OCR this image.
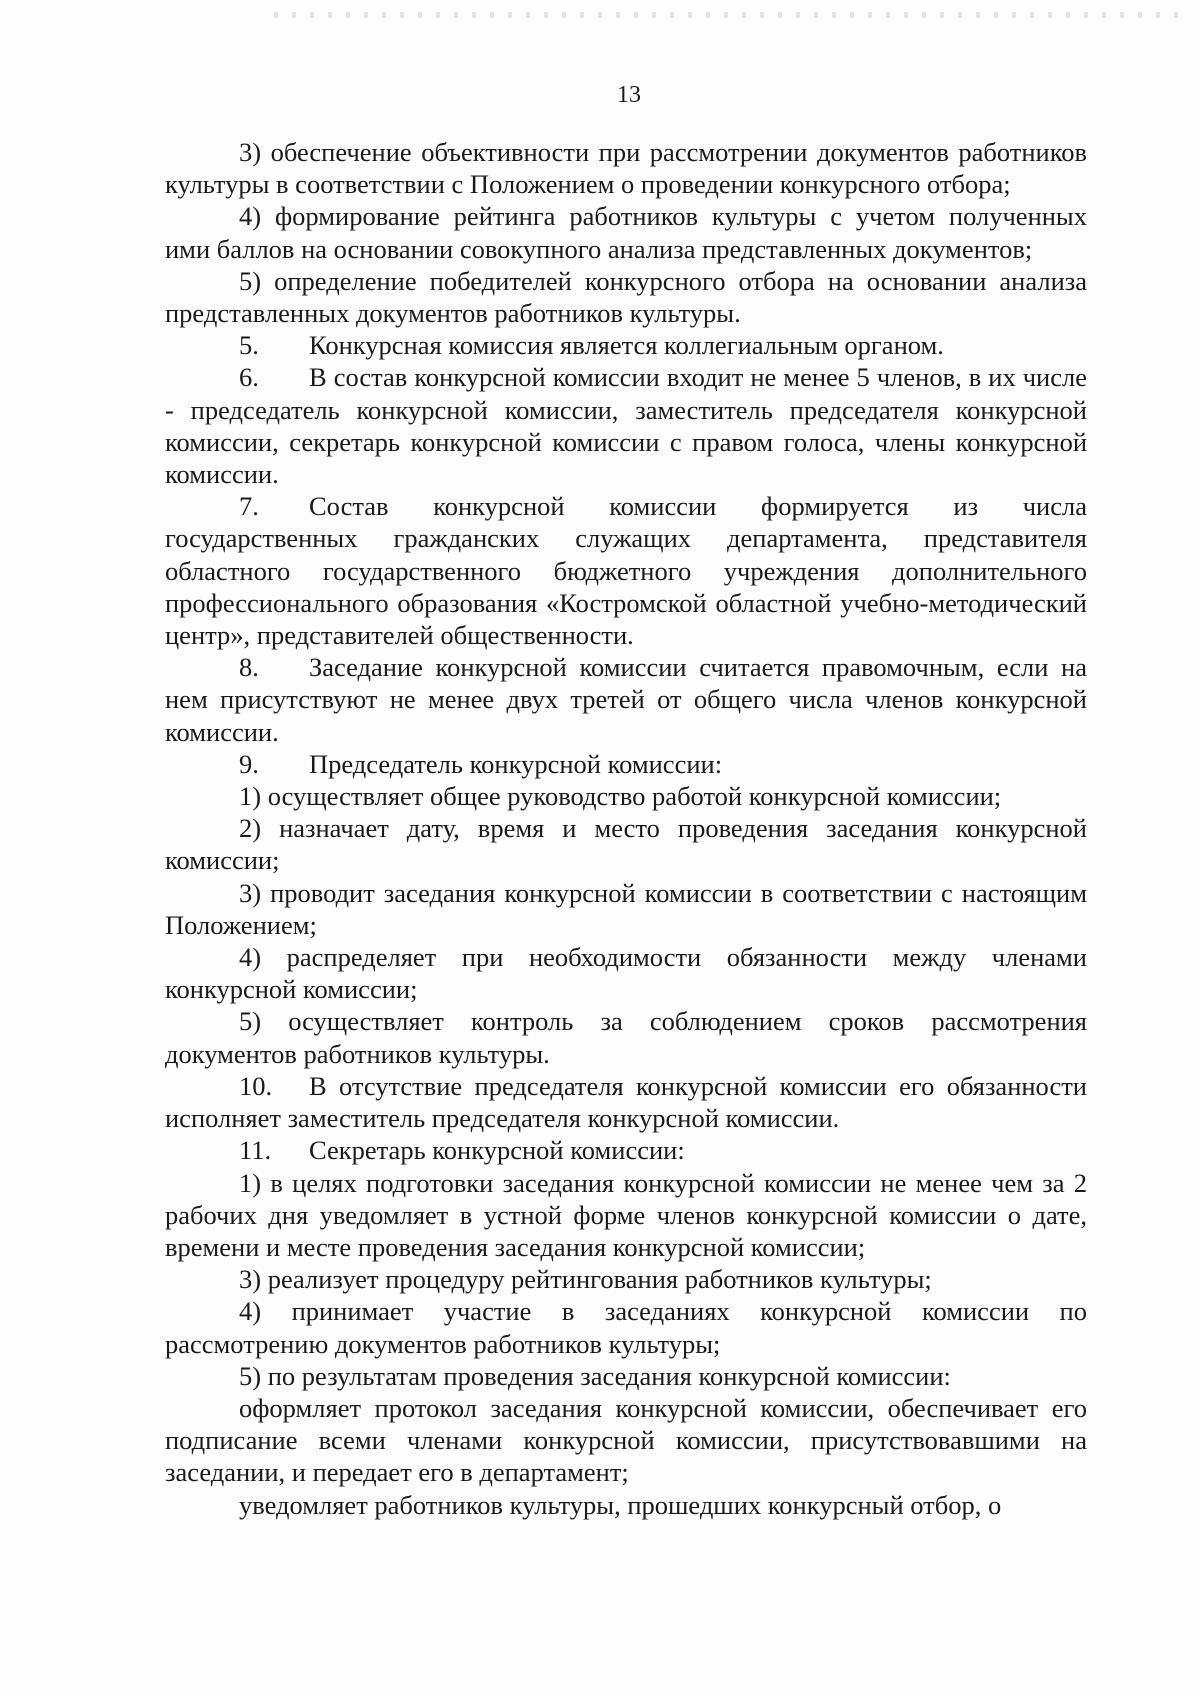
13

3) обеспечение объективности при рассмотрении документов работников культуры в соответствии с Положением о проведении конкурсного отбора;

4) формирование рейтинга работников культуры с учетом полученных ими баллов на основании совокупного анализа представленных документов;

5) определение победителей конкурсного отбора на основании анализа представленных документов работников культуры.

5. Конкурсная комиссия является коллегиальным органом.

6. В состав конкурсной комиссии входит не менее 5 членов, в их числе - председатель конкурсной комиссии, заместитель председателя конкурсной комиссии, секретарь конкурсной комиссии с правом голоса, члены конкурсной комиссии.

7. Состав конкурсной комиссии формируется из числа государственных гражданских служащих департамента, представителя областного государственного бюджетного учреждения дополнительного профессионального образования «Костромской областной учебно-методический центр», представителей общественности.

8. Заседание конкурсной комиссии считается правомочным, если на нем присутствуют не менее двух третей от общего числа членов конкурсной комиссии.

9. Председатель конкурсной комиссии:

1) осуществляет общее руководство работой конкурсной комиссии;

2) назначает дату, время и место проведения заседания конкурсной комиссии;

3) проводит заседания конкурсной комиссии в соответствии с настоящим Положением;

4) распределяет при необходимости обязанности между членами конкурсной комиссии;

5) осуществляет контроль за соблюдением сроков рассмотрения документов работников культуры.

10. В отсутствие председателя конкурсной комиссии его обязанности исполняет заместитель председателя конкурсной комиссии.

11. Секретарь конкурсной комиссии:

1) в целях подготовки заседания конкурсной комиссии не менее чем за 2 рабочих дня уведомляет в устной форме членов конкурсной комиссии о дате, времени и месте проведения заседания конкурсной комиссии;

3) реализует процедуру рейтингования работников культуры;

4) принимает участие в заседаниях конкурсной комиссии по рассмотрению документов работников культуры;

5) по результатам проведения заседания конкурсной комиссии:

оформляет протокол заседания конкурсной комиссии, обеспечивает его подписание всеми членами конкурсной комиссии, присутствовавшими на заседании, и передает его в департамент;

уведомляет работников культуры, прошедших конкурсный отбор, о
